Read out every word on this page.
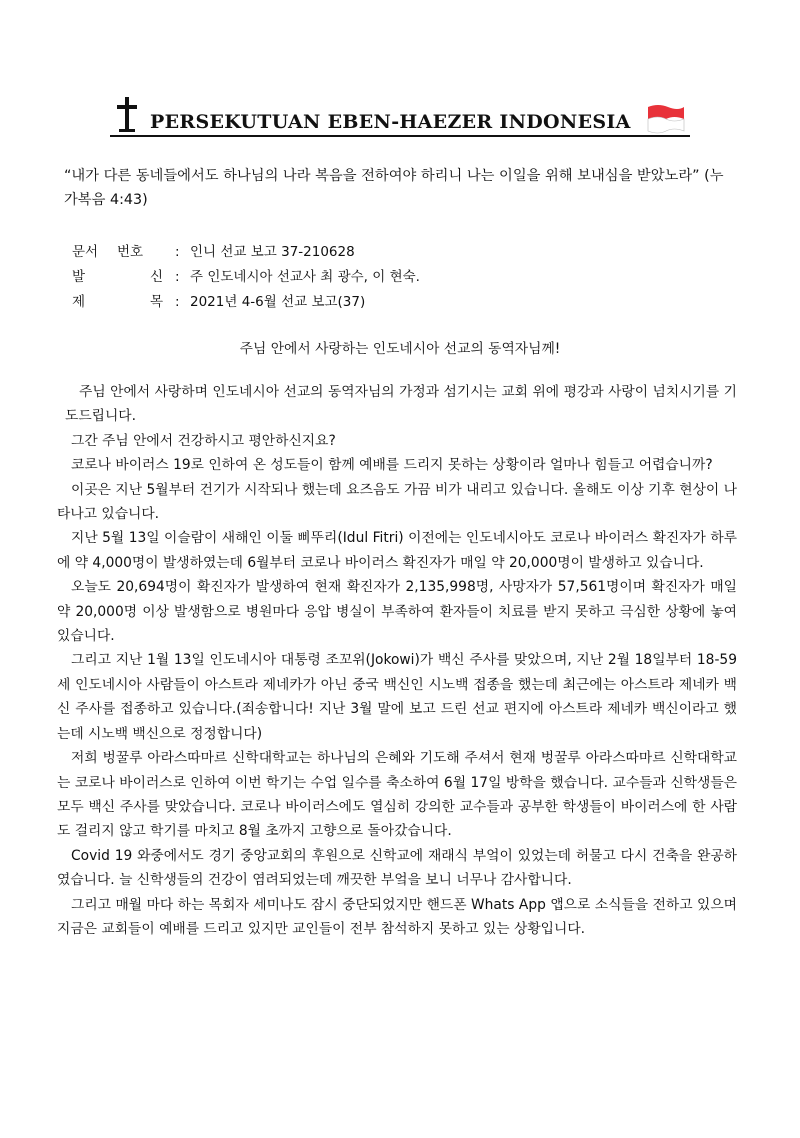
PERSEKUTUAN EBEN-HAEZER INDONESIA

“내가 다른 동네들에서도 하나님의 나라 복음을 전하여야 하리니 나는 이일을 위해 보내심을 받았노라” (누가복음 4:43)

문서 번호 : 인니 선교 보고 37-210628
발	신 : 주 인도네시아 선교사 최 광수, 이 현숙.
제	목 : 2021년 4-6월 선교 보고(37)
주님 안에서 사랑하는 인도네시아 선교의 동역자님께!

주님 안에서 사랑하며 인도네시아 선교의 동역자님의 가정과 섬기시는 교회 위에 평강과 사랑이 넘치시기를 기도드립니다.

그간 주님 안에서 건강하시고 평안하신지요?

코로나 바이러스 19로 인하여 온 성도들이 함께 예배를 드리지 못하는 상황이라 얼마나 힘들고 어렵습니까?

이곳은 지난 5월부터 건기가 시작되나 했는데 요즈음도 가끔 비가 내리고 있습니다. 올해도 이상 기후 현상이 나타나고 있습니다.

지난 5월 13일 이슬람이 새해인 이둘 삐뚜리(Idul Fitri) 이전에는 인도네시아도 코로나 바이러스 확진자가 하루에 약 4,000명이 발생하였는데 6월부터 코로나 바이러스 확진자가 매일 약 20,000명이 발생하고 있습니다.

오늘도 20,694명이 확진자가 발생하여 현재 확진자가 2,135,998명, 사망자가 57,561명이며 확진자가 매일 약 20,000명 이상 발생함으로 병원마다 응압 병실이 부족하여 환자들이 치료를 받지 못하고 극심한 상황에 놓여 있습니다.

그리고 지난 1월 13일 인도네시아 대통령 조꼬위(Jokowi)가 백신 주사를 맞았으며, 지난 2월 18일부터 18-59세 인도네시아 사람들이 아스트라 제네카가 아닌 중국 백신인 시노백 접종을 했는데 최근에는 아스트라 제네카 백신 주사를 접종하고 있습니다.(죄송합니다! 지난 3월 말에 보고 드린 선교 편지에 아스트라 제네카 백신이라고 했는데 시노백 백신으로 정정합니다)

저희 벙꿀루 아라스따마르 신학대학교는 하나님의 은혜와 기도해 주셔서 현재 벙꿀루 아라스따마르 신학대학교는 코로나 바이러스로 인하여 이번 학기는 수업 일수를 축소하여 6월 17일 방학을 했습니다. 교수들과 신학생들은 모두 백신 주사를 맞았습니다. 코로나 바이러스에도 열심히 강의한 교수들과 공부한 학생들이 바이러스에 한 사람도 걸리지 않고 학기를 마치고 8월 초까지 고향으로 돌아갔습니다.

Covid 19 와중에서도 경기 중앙교회의 후원으로 신학교에 재래식 부엌이 있었는데 허물고 다시 건축을 완공하였습니다. 늘 신학생들의 건강이 염려되었는데 깨끗한 부엌을 보니 너무나 감사합니다.

그리고 매월 마다 하는 목회자 세미나도 잠시 중단되었지만 핸드폰 Whats App 앱으로 소식들을 전하고 있으며 지금은 교회들이 예배를 드리고 있지만 교인들이 전부 참석하지 못하고 있는 상황입니다.
